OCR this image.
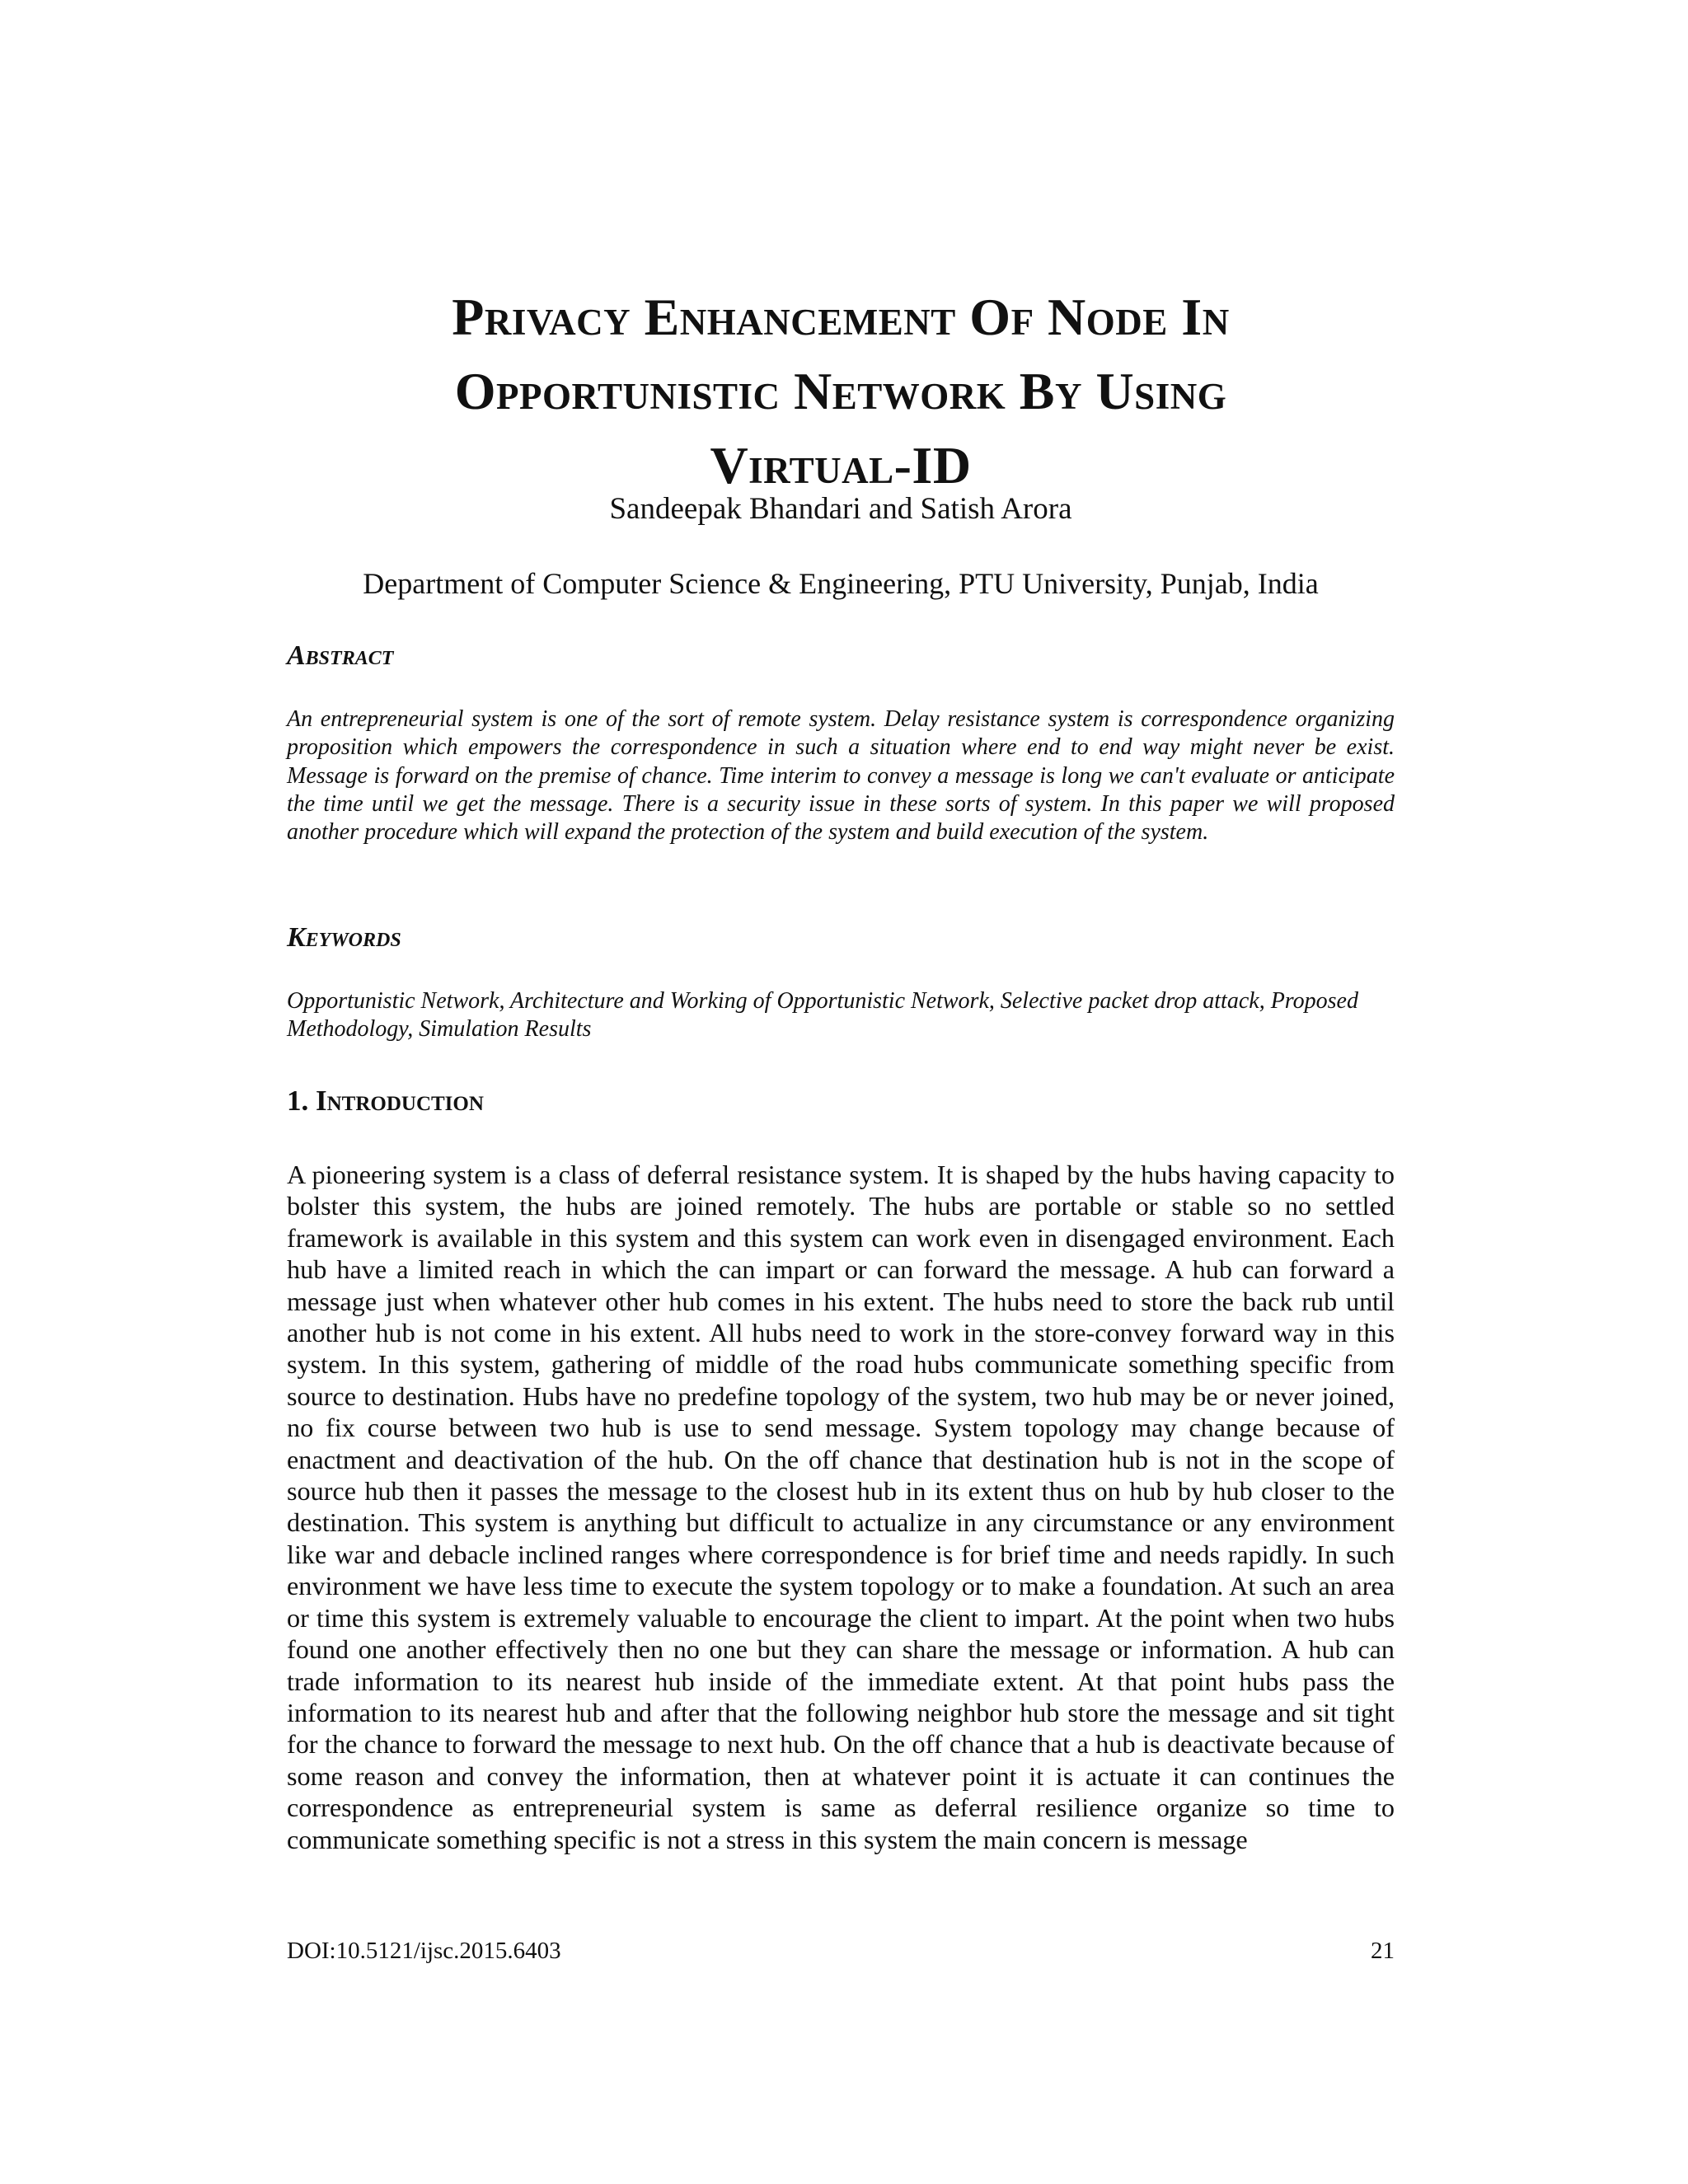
Privacy Enhancement Of Node In
Opportunistic Network By Using
Virtual-ID
Sandeepak Bhandari and Satish Arora
Department of Computer Science & Engineering, PTU University, Punjab, India
Abstract
An entrepreneurial system is one of the sort of remote system. Delay resistance system is correspondence organizing proposition which empowers the correspondence in such a situation where end to end way might never be exist. Message is forward on the premise of chance. Time interim to convey a message is long we can't evaluate or anticipate the time until we get the message. There is a security issue in these sorts of system. In this paper we will proposed another procedure which will expand the protection of the system and build execution of the system.
Keywords
Opportunistic Network, Architecture and Working of Opportunistic Network, Selective packet drop attack, Proposed Methodology, Simulation Results
1. Introduction
A pioneering system is a class of deferral resistance system. It is shaped by the hubs having capacity to bolster this system, the hubs are joined remotely. The hubs are portable or stable so no settled framework is available in this system and this system can work even in disengaged environment. Each hub have a limited reach in which the can impart or can forward the message. A hub can forward a message just when whatever other hub comes in his extent. The hubs need to store the back rub until another hub is not come in his extent. All hubs need to work in the store-convey forward way in this system. In this system, gathering of middle of the road hubs communicate something specific from source to destination. Hubs have no predefine topology of the system, two hub may be or never joined, no fix course between two hub is use to send message. System topology may change because of enactment and deactivation of the hub. On the off chance that destination hub is not in the scope of source hub then it passes the message to the closest hub in its extent thus on hub by hub closer to the destination. This system is anything but difficult to actualize in any circumstance or any environment like war and debacle inclined ranges where correspondence is for brief time and needs rapidly. In such environment we have less time to execute the system topology or to make a foundation. At such an area or time this system is extremely valuable to encourage the client to impart. At the point when two hubs found one another effectively then no one but they can share the message or information. A hub can trade information to its nearest hub inside of the immediate extent. At that point hubs pass the information to its nearest hub and after that the following neighbor hub store the message and sit tight for the chance to forward the message to next hub. On the off chance that a hub is deactivate because of some reason and convey the information, then at whatever point it is actuate it can continues the correspondence as entrepreneurial system is same as deferral resilience organize so time to communicate something specific is not a stress in this system the main concern is message
DOI:10.5121/ijsc.2015.6403	21
